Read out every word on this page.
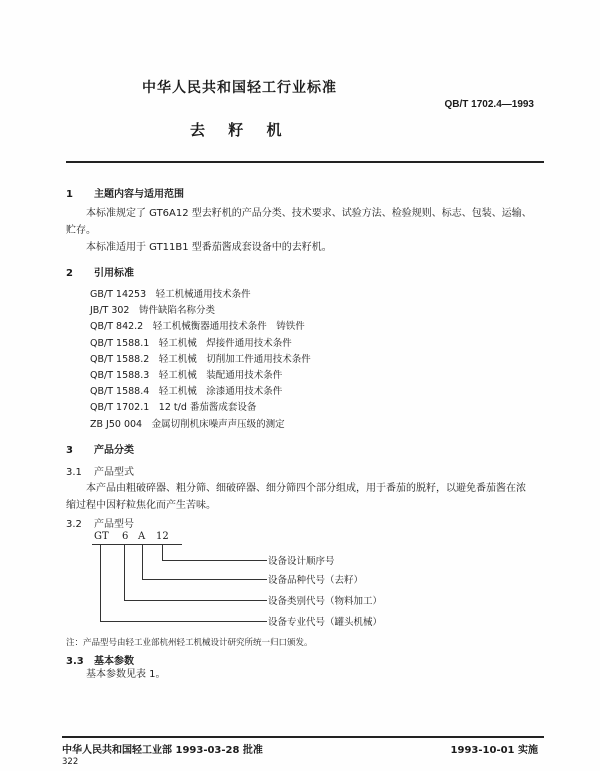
中华人民共和国轻工行业标准
QB/T 1702.4—1993
去 籽 机
1 主题内容与适用范围
本标准规定了 GT6A12 型去籽机的产品分类、技术要求、试验方法、检验规则、标志、包装、运输、
贮存。
本标准适用于 GT11B1 型番茄酱成套设备中的去籽机。
2 引用标准
GB/T 14253　 轻工机械通用技术条件
JB/T 302　 铸件缺陷名称分类
QB/T 842.2　 轻工机械衡器通用技术条件　铸铁件
QB/T 1588.1　 轻工机械　焊接件通用技术条件
QB/T 1588.2　 轻工机械　切削加工件通用技术条件
QB/T 1588.3　 轻工机械　装配通用技术条件
QB/T 1588.4　 轻工机械　涂漆通用技术条件
QB/T 1702.1　 12 t/d 番茄酱成套设备
ZB J50 004　 金属切削机床噪声声压级的测定
3 产品分类
3.1 产品型式
本产品由粗破碎器、粗分筛、细破碎器、细分筛四个部分组成，用于番茄的脱籽，以避免番茄酱在浓
缩过程中因籽粒焦化而产生苦味。
3.2 产品型号
GT 6 A 12
设备设计顺序号
设备品种代号（去籽）
设备类别代号（物料加工）
设备专业代号（罐头机械）
注：产品型号由轻工业部杭州轻工机械设计研究所统一归口颁发。
3.3 基本参数
基本参数见表 1。
中华人民共和国轻工业部 1993-03-28 批准	1993-10-01 实施
322
